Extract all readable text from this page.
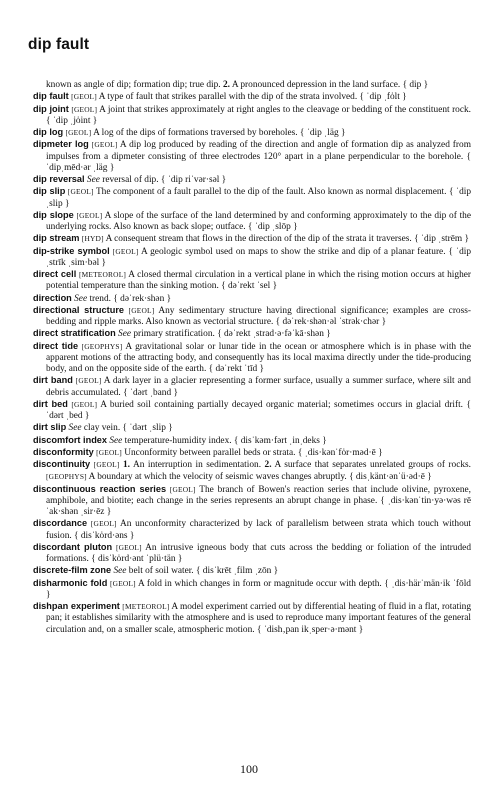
dip fault

known as angle of dip; formation dip; true dip. 2. A pronounced depression in the land surface. { dip }

dip fault [GEOL] A type of fault that strikes parallel with the dip of the strata involved. { ˈdip ˌfȯlt }

dip joint [GEOL] A joint that strikes approximately at right angles to the cleavage or bedding of the constituent rock. { ˈdip ˌjȯint }

dip log [GEOL] A log of the dips of formations traversed by boreholes. { ˈdip ˌläg }

dipmeter log [GEOL] A dip log produced by reading of the direction and angle of formation dip as analyzed from impulses from a dipmeter consisting of three electrodes 120° apart in a plane perpendicular to the borehole. { ˈdipˌmēd·ər ˌläg }

dip reversal See reversal of dip. { ˈdip riˈvər·səl }

dip slip [GEOL] The component of a fault parallel to the dip of the fault. Also known as normal displacement. { ˈdip ˌslip }

dip slope [GEOL] A slope of the surface of the land determined by and conforming approximately to the dip of the underlying rocks. Also known as back slope; outface. { ˈdip ˌslōp }

dip stream [HYD] A consequent stream that flows in the direction of the dip of the strata it traverses. { ˈdip ˌstrēm }

dip-strike symbol [GEOL] A geologic symbol used on maps to show the strike and dip of a planar feature. { ˈdip ˌstrīk ˌsim·bəl }

direct cell [METEOROL] A closed thermal circulation in a vertical plane in which the rising motion occurs at higher potential temperature than the sinking motion. { dəˈrekt ˈsel }

direction See trend. { dəˈrek·shən }

directional structure [GEOL] Any sedimentary structure having directional significance; examples are cross-bedding and ripple marks. Also known as vectorial structure. { dəˈrek·shən·əl ˈstrək·chər }

direct stratification See primary stratification. { dəˈrekt ˌstrad·ə·fəˈkā·shən }

direct tide [GEOPHYS] A gravitational solar or lunar tide in the ocean or atmosphere which is in phase with the apparent motions of the attracting body, and consequently has its local maxima directly under the tide-producing body, and on the opposite side of the earth. { dəˈrekt ˈtīd }

dirt band [GEOL] A dark layer in a glacier representing a former surface, usually a summer surface, where silt and debris accumulated. { ˈdərt ˌband }

dirt bed [GEOL] A buried soil containing partially decayed organic material; sometimes occurs in glacial drift. { ˈdərt ˌbed }

dirt slip See clay vein. { ˈdərt ˌslip }

discomfort index See temperature-humidity index. { disˈkəm·fərt ˌinˌdeks }

disconformity [GEOL] Unconformity between parallel beds or strata. { ˌdis·kənˈfȯr·məd·ē }

discontinuity [GEOL] 1. An interruption in sedimentation. 2. A surface that separates unrelated groups of rocks. [GEOPHYS] A boundary at which the velocity of seismic waves changes abruptly. { disˌkänt·ənˈü·əd·ē }

discontinuous reaction series [GEOL] The branch of Bowen's reaction series that include olivine, pyroxene, amphibole, and biotite; each change in the series represents an abrupt change in phase. { ˌdis·kənˈtin·yə·wəs rēˈak·shən ˌsir·ēz }

discordance [GEOL] An unconformity characterized by lack of parallelism between strata which touch without fusion. { disˈkȯrd·əns }

discordant pluton [GEOL] An intrusive igneous body that cuts across the bedding or foliation of the intruded formations. { disˈkȯrd·ənt ˈplü·tän }

discrete-film zone See belt of soil water. { disˈkrēt ˌfilm ˌzōn }

disharmonic fold [GEOL] A fold in which changes in form or magnitude occur with depth. { ˌdis·härˈmän·ik ˈfōld }

dishpan experiment [METEOROL] A model experiment carried out by differential heating of fluid in a flat, rotating pan; it establishes similarity with the atmosphere and is used to reproduce many important features of the general circulation and, on a smaller scale, atmospheric motion. { ˈdish‚pan ikˌsper·ə·mənt }

100
